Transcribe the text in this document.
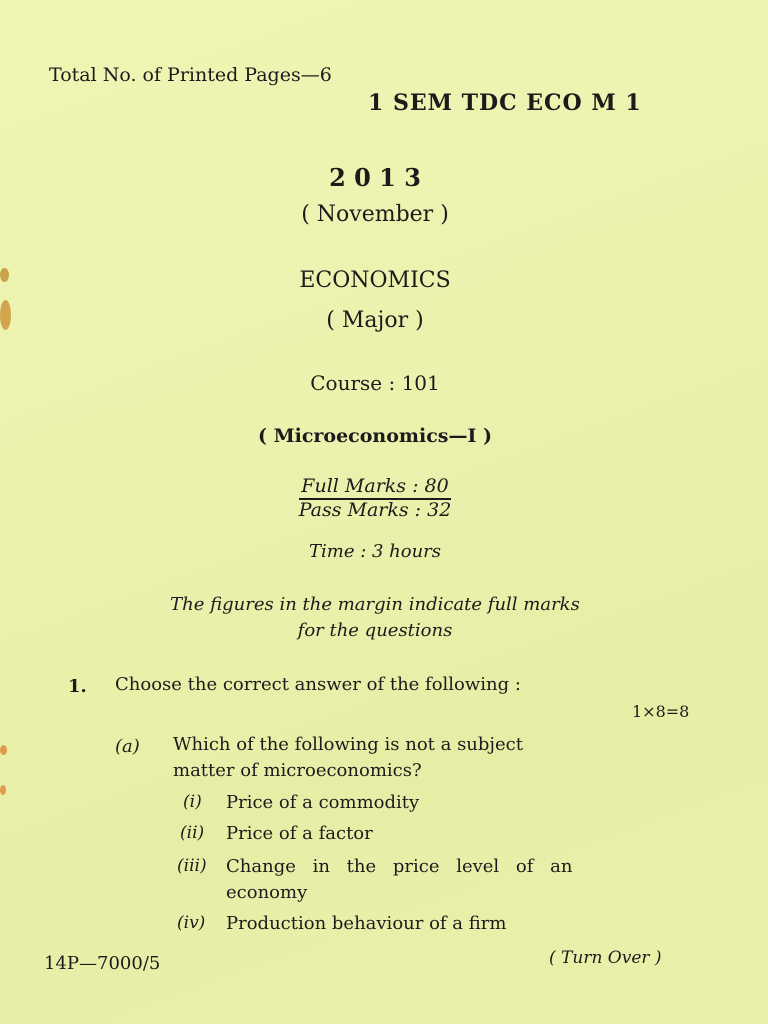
Total No. of Printed Pages—6
1 SEM TDC ECO M 1
2 0 1 3
( November )
ECONOMICS
( Major )
Course : 101
( Microeconomics—I )
Full Marks : 80
Pass Marks : 32
Time : 3 hours
The figures in the margin indicate full marks
for the questions
1. Choose the correct answer of the following :
1×8=8
(a) Which of the following is not a subject
matter of microeconomics?
(i) Price of a commodity
(ii) Price of a factor
(iii) Change in the price level of an
economy
(iv) Production behaviour of a firm
14P—7000/5	( Turn Over )
